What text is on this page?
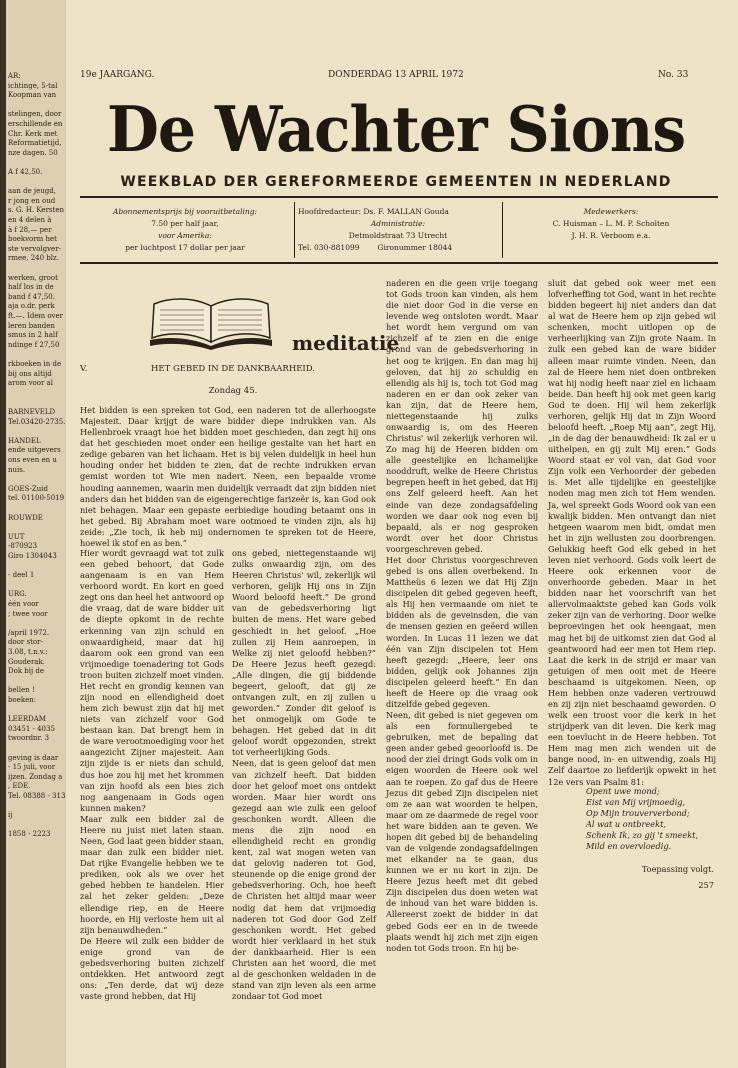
AR:
ichtinge, 5-tal
Koopman van
stelingen, door
erschillende en
Chr. Kerk met
Reformatietijd,
nze dagen. 50
A f 42,50.
aan de jeugd,
r jong en oud
s. G. H. Kersten
en 4 delen à
à f 28,— per
boekvorm het
ste vervolgver-
rmee, 240 blz.
werken, groot
half los in de
band f 47,50.
aja o.dr. perk
ft.—. Idem over
leren banden
smus in 2 half
ndinge f 27,50
rkboeken in de
bij ons altijd
arom voor al
BARNEVELD
Tel.03420-2735.
HANDEL
ende uitgevers
ons even en u
nuis.
GOES-Zuid
tel. 01100-5019
ROUWDE
UUT
-870923
Giro 1304043
- deel 1
URG.
één voor
; twee voor
/april 1972.
door stor-
3.08, t.n.v.:
Gouderak.
Dok bij de
bellen !
boeken:
LEERDAM
03451 - 4035
twoordnr. 3
geving is daar
- 15 juli, voor
ijzen. Zondag a
, EDE.
Tel. 08388 - 313
ij
1858 - 2223
19e JAARGANG.	DONDERDAG 13 APRIL 1972	No. 33
De Wachter Sions
WEEKBLAD DER GEREFORMEERDE GEMEENTEN IN NEDERLAND
Abonnementsprijs bij vooruitbetaling:
7.50 per half jaar,
voor Amerika:
per luchtpost 17 dollar per jaar
Hoofdredacteur: Ds. F. MALLAN Gouda
Administratie:
Detmoldstraat 73 Utrecht
Tel. 030-881099 Gironummer 18044
Medewerkers:
C. Huisman – L. M. P. Scholten
J. H. R. Verboom e.a.
meditatie
V.	HET GEBED IN DE DANKBAARHEID.
Zondag 45.
Het bidden is een spreken tot God, een naderen tot de allerhoogste Majesteit. Daar krijgt de ware bidder diepe indrukken van. Als Hellenbroek vraagt hoe het bidden moet geschieden, dan zegt hij ons dat het geschieden moet onder een heilige gestalte van het hart en zedige gebaren van het lichaam. Het is bij velen duidelijk in heel hun houding onder het bidden te zien, dat de rechte indrukken ervan gemist worden tot Wie men nadert. Neen, een bepaalde vrome houding aannemen, waarin men duidelijk verraadt dat zijn bidden niet anders dan het bidden van de eigengerechtige farizeër is, kan God ook niet behagen. Maar een gepaste eerbiedige houding betaamt ons in het gebed. Bij Abraham moet ware ootmoed te vinden zijn, als hij zeide: „Zie toch, ik heb mij ondernomen te spreken tot de Heere, hoewel ik stof en as ben.”

Hier wordt gevraagd wat tot zulk een gebed behoort, dat Gode aangenaam is en van Hem verhoord wordt. En kort en goed zegt ons dan heel het antwoord op die vraag, dat de ware bidder uit de diepte opkomt in de rechte erkenning van zijn schuld en onwaardigheid, maar dat hij daarom ook een grond van een vrijmoedige toenadering tot Gods troon buiten zichzelf moet vinden. Het recht en grondig kennen van zijn nood en ellendigheid doet hem zich bewust zijn dat hij met niets van zichzelf voor God bestaan kan. Dat brengt hem in de ware verootmoediging voor het aangezicht Zijner majesteit. Aan zijn zijde is er niets dan schuld, dus hoe zou hij met het krommen van zijn hoofd als een bies zich nog aangenaam in Gods ogen kunnen maken?
Maar zulk een bidder zal de Heere nu juist niet laten staan. Neen, God laat geen bidder staan, maar dan zulk een bidder niet. Dat rijke Evangelie hebben we te prediken, ook als we over het gebed hebben te handelen. Hier zal het zeker gelden: „Deze ellendige riep, en de Heere hoorde, en Hij verloste hem uit al zijn benauwdheden.”
De Heere wil zulk een bidder de enige grond van de gebedsverhoring buiten zichzelf ontdekken. Het antwoord zegt ons: „Ten derde, dat wij deze vaste grond hebben, dat Hij

ons gebed, niettegenstaande wij zulks onwaardig zijn, om des Heeren Christus' wil, zekerlijk wil verhoren, gelijk Hij ons in Zijn Woord beloofd heeft.” De grond van de gebedsverhoring ligt buiten de mens. Het ware gebed geschiedt in het geloof. „Hoe zullen zij Hem aanroepen, in Welke zij niet geloofd hebben?” De Heere Jezus heeft gezegd: „Alle dingen, die gij biddende begeert, gelooft, dat gij ze ontvangen zult, en zij zullen u geworden.” Zonder dit geloof is het onmogelijk om Gode te behagen. Het gebed dat in dit geloof wordt opgezonden, strekt tot verheerlijking Gods.
Neen, dat is geen geloof dat men van zichzelf heeft. Dat bidden door het geloof moet ons ontdekt worden. Maar hier wordt ons gezegd aan wie zulk een geloof geschonken wordt. Alleen die mens die zijn nood en ellendigheid recht en grondig kent, zal wat mogen weten van dat gelovig naderen tot God, steunende op die enige grond der gebedsverhoring. Och, hoe heeft de Christen het altijd maar weer nodig dat hem dat vrijmoedig naderen tot God door God Zelf geschonken wordt. Het gebed wordt hier verklaard in het stuk der dankbaarheid. Hier is een Christen aan het woord, die met al de geschonken weldaden in de stand van zijn leven als een arme zondaar tot God moet

naderen en die geen vrije toegang tot Gods troon kan vinden, als hem die niet door God in die verse en levende weg ontsloten wordt. Maar het wordt hem vergund om van zichzelf af te zien en die enige grond van de gebedsverhoring in het oog te krijgen. En dan mag hij geloven, dat hij zo schuldig en ellendig als hij is, toch tot God mag naderen en er dan ook zeker van kan zijn, dat de Heere hem, niettegenstaande hij zulks onwaardig is, om des Heeren Christus' wil zekerlijk verhoren wil. Zo mag hij de Heeren bidden om alle geestelijke en lichamelijke nooddruft, welke de Heere Christus begrepen heeft in het gebed, dat Hij ons Zelf geleerd heeft. Aan het einde van deze zondagsafdeling worden we daar ook nog even bij bepaald, als er nog gesproken wordt over het door Christus voorgeschreven gebed.
Het door Christus voorgeschreven gebed is ons allen overbekend. In Mattheüs 6 lezen we dat Hij Zijn discipelen dit gebed gegeven heeft, als Hij hen vermaande om niet te bidden als de geveinsden, die van de mensen gezien en geëerd willen worden. In Lucas 11 lezen we dat één van Zijn discipelen tot Hem heeft gezegd: „Heere, leer ons bidden, gelijk ook Johannes zijn discipelen geleerd heeft.” En dan heeft de Heere op die vraag ook ditzelfde gebed gegeven.
Neen, dit gebed is niet gegeven om als een formuliergebed te gebruiken, met de bepaling dat geen ander gebed geoorloofd is. De nood der ziel dringt Gods volk om in eigen woorden de Heere ook wel aan te roepen. Zo gaf dus de Heere Jezus dit gebed Zijn discipelen niet om ze aan wat woorden te helpen, maar om ze daarmede de regel voor het ware bidden aan te geven. We hopen dit gebed bij de behandeling van de volgende zondagsafdelingen met elkander na te gaan, dus kunnen we er nu kort in zijn. De Heere Jezus heeft met dit gebed Zijn discipelen dus doen weten wat de inhoud van het ware bidden is. Allereerst zoekt de bidder in dat gebed Gods eer en in de tweede plaats wendt hij zich met zijn eigen noden tot Gods troon. En hij be-

sluit dat gebed ook weer met een lofverheffing tot God, want in het rechte bidden begeert hij niet anders dan dat al wat de Heere hem op zijn gebed wil schenken, mocht uitlopen op de verheerlijking van Zijn grote Naam. In zulk een gebed kan de ware bidder alleen maar ruimte vinden. Neen, dan zal de Heere hem niet doen ontbreken wat hij nodig heeft naar ziel en lichaam beide. Dan heeft hij ook met geen karig God te doen. Hij wil hem zekerlijk verhoren, gelijk Hij dat in Zijn Woord beloofd heeft. „Roep Mij aan”, zegt Hij, „in de dag der benauwdheid: Ik zal er u uithelpen, en gij zult Mij eren.” Gods Woord staat er vol van, dat God voor Zijn volk een Verhoorder der gebeden is. Met alle tijdelijke en geestelijke noden mag men zich tot Hem wenden. Ja, wel spreekt Gods Woord ook van een kwalijk bidden. Men ontvangt dan niet hetgeen waarom men bidt, omdat men het in zijn wellusten zou doorbrengen. Gelukkig heeft God elk gebed in het leven niet verhoord. Gods volk leert de Heere ook erkennen voor de onverhoorde gebeden. Maar in het bidden naar het voorschrift van het allervolmaaktste gebed kan Gods volk zeker zijn van de verhoring. Door welke beproevingen het ook heengaat, men mag het bij de uitkomst zien dat God al geantwoord had eer men tot Hem riep. Laat die kerk in de strijd er maar van getuigen of men ooit met de Heere beschaamd is uitgekomen. Neen, op Hem hebben onze vaderen vertrouwd en zij zijn niet beschaamd geworden. O welk een troost voor die kerk in het strijdperk van dit leven. Die kerk mag een toevlucht in de Heere hebben. Tot Hem mag men zich wenden uit de bange nood, in- en uitwendig, zoals Hij Zelf daartoe zo liefderijk opwekt in het 12e vers van Psalm 81:

Opent uwe mond;
Eist van Mij vrijmoedig,
Op Mijn trouververbond;
Al wat u ontbreekt,
Schenk Ik, zo gij 't smeekt,
Mild en overvloedig.
Toepassing volgt.
257
